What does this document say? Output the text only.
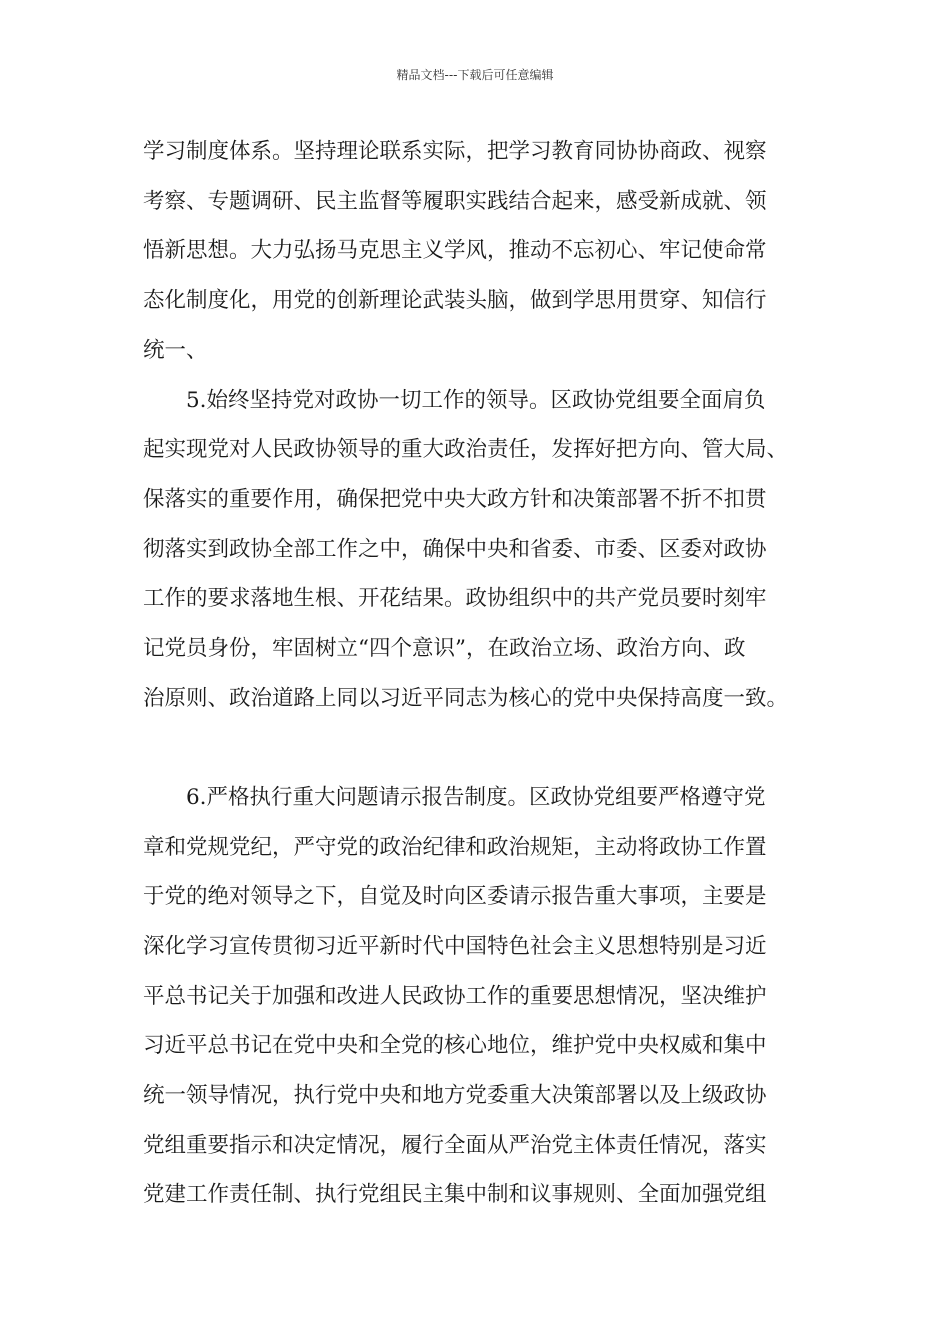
精品文档---下载后可任意编辑
学习制度体系。坚持理论联系实际，把学习教育同协协商政、视察
考察、专题调研、民主监督等履职实践结合起来，感受新成就、领
悟新思想。大力弘扬马克思主义学风，推动不忘初心、牢记使命常
态化制度化，用党的创新理论武装头脑，做到学思用贯穿、知信行
统一、
5.始终坚持党对政协一切工作的领导。区政协党组要全面肩负
起实现党对人民政协领导的重大政治责任，发挥好把方向、管大局、
保落实的重要作用，确保把党中央大政方针和决策部署不折不扣贯
彻落实到政协全部工作之中，确保中央和省委、市委、区委对政协
工作的要求落地生根、开花结果。政协组织中的共产党员要时刻牢
记党员身份，牢固树立“四个意识”，在政治立场、政治方向、政
治原则、政治道路上同以习近平同志为核心的党中央保持高度一致。
6.严格执行重大问题请示报告制度。区政协党组要严格遵守党
章和党规党纪，严守党的政治纪律和政治规矩，主动将政协工作置
于党的绝对领导之下，自觉及时向区委请示报告重大事项，主要是
深化学习宣传贯彻习近平新时代中国特色社会主义思想特别是习近
平总书记关于加强和改进人民政协工作的重要思想情况，坚决维护
习近平总书记在党中央和全党的核心地位，维护党中央权威和集中
统一领导情况，执行党中央和地方党委重大决策部署以及上级政协
党组重要指示和决定情况，履行全面从严治党主体责任情况，落实
党建工作责任制、执行党组民主集中制和议事规则、全面加强党组
